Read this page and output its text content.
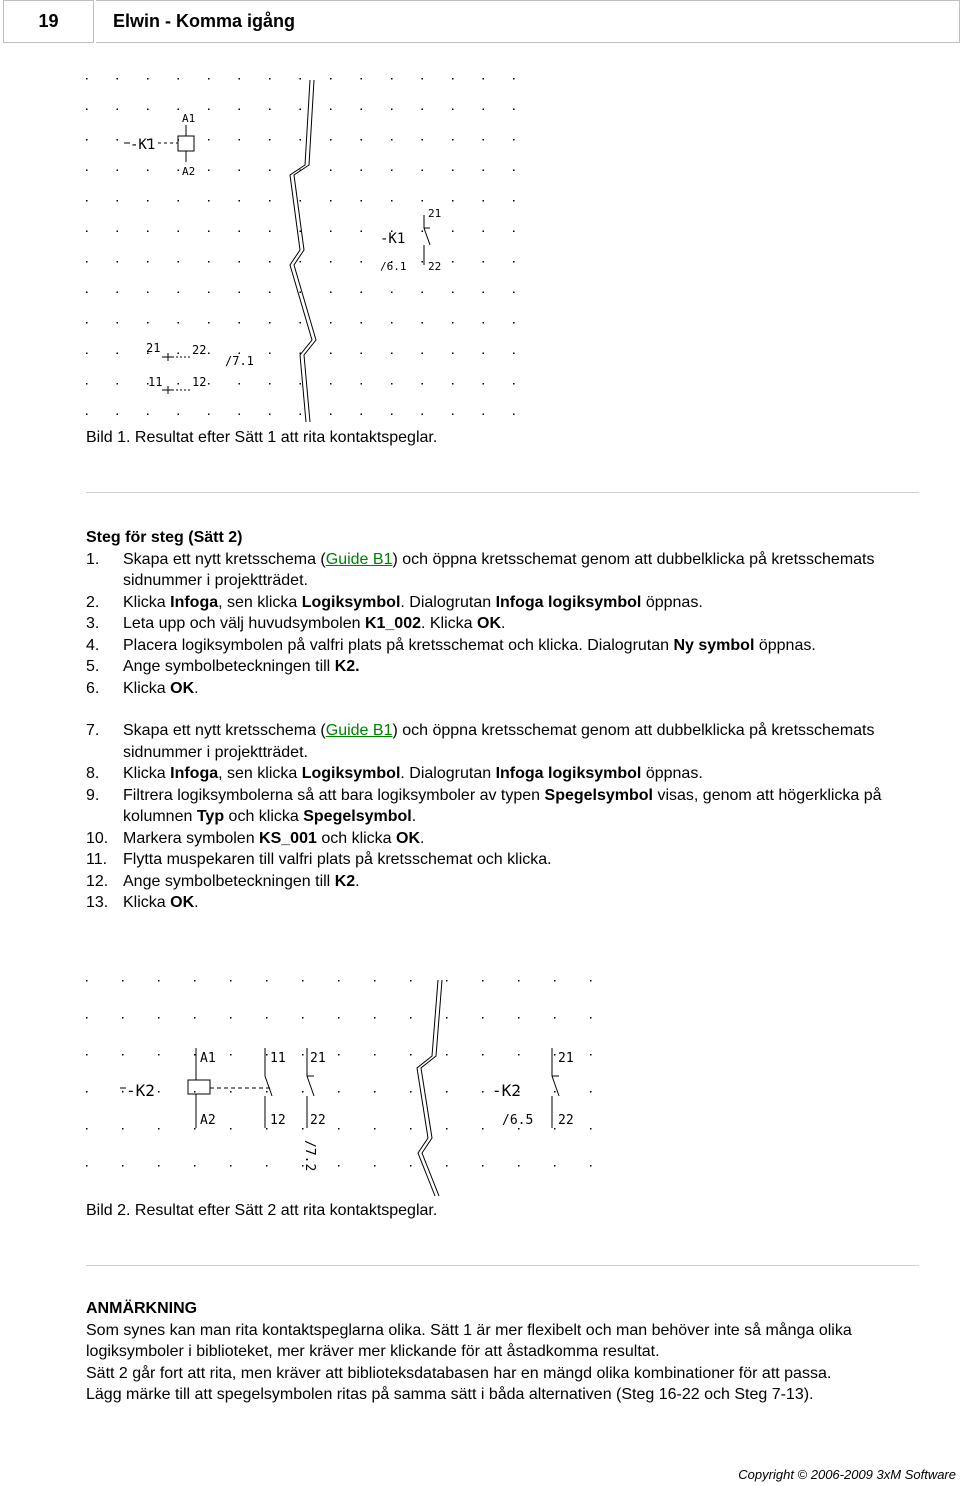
19	Elwin - Komma igång
-K1
A1
A2
-K1
21
22
/6.1
21	22
/7.1
11 12
Bild 1. Resultat efter Sätt 1 att rita kontaktspeglar.
Steg för steg (Sätt 2)
1.	Skapa ett nytt kretsschema (Guide B1) och öppna kretsschemat genom att dubbelklicka på kretsschemats sidnummer i projektträdet.
2.	Klicka Infoga, sen klicka Logiksymbol. Dialogrutan Infoga logiksymbol öppnas.
3.	Leta upp och välj huvudsymbolen K1_002. Klicka OK.
4.	Placera logiksymbolen på valfri plats på kretsschemat och klicka. Dialogrutan Ny symbol öppnas.
5.	Ange symbolbeteckningen till K2.
6.	Klicka OK.
7.	Skapa ett nytt kretsschema (Guide B1) och öppna kretsschemat genom att dubbelklicka på kretsschemats sidnummer i projektträdet.
8.	Klicka Infoga, sen klicka Logiksymbol. Dialogrutan Infoga logiksymbol öppnas.
9.	Filtrera logiksymbolerna så att bara logiksymboler av typen Spegelsymbol visas, genom att högerklicka på kolumnen Typ och klicka Spegelsymbol.
10. Markera symbolen KS_001 och klicka OK.
11. Flytta muspekaren till valfri plats på kretsschemat och klicka.
12. Ange symbolbeteckningen till K2.
13. Klicka OK.
-K2
A1
A2
11
12
21
22
/7.2
-K2
21
22
/6.5
Bild 2. Resultat efter Sätt 2 att rita kontaktspeglar.
ANMÄRKNING

Som synes kan man rita kontaktspeglarna olika. Sätt 1 är mer flexibelt och man behöver inte så många olika logiksymboler i biblioteket, mer kräver mer klickande för att åstadkomma resultat.

Sätt 2 går fort att rita, men kräver att biblioteksdatabasen har en mängd olika kombinationer för att passa.

Lägg märke till att spegelsymbolen ritas på samma sätt i båda alternativen (Steg 16-22 och Steg 7-13).

Copyright © 2006-2009 3xM Software
